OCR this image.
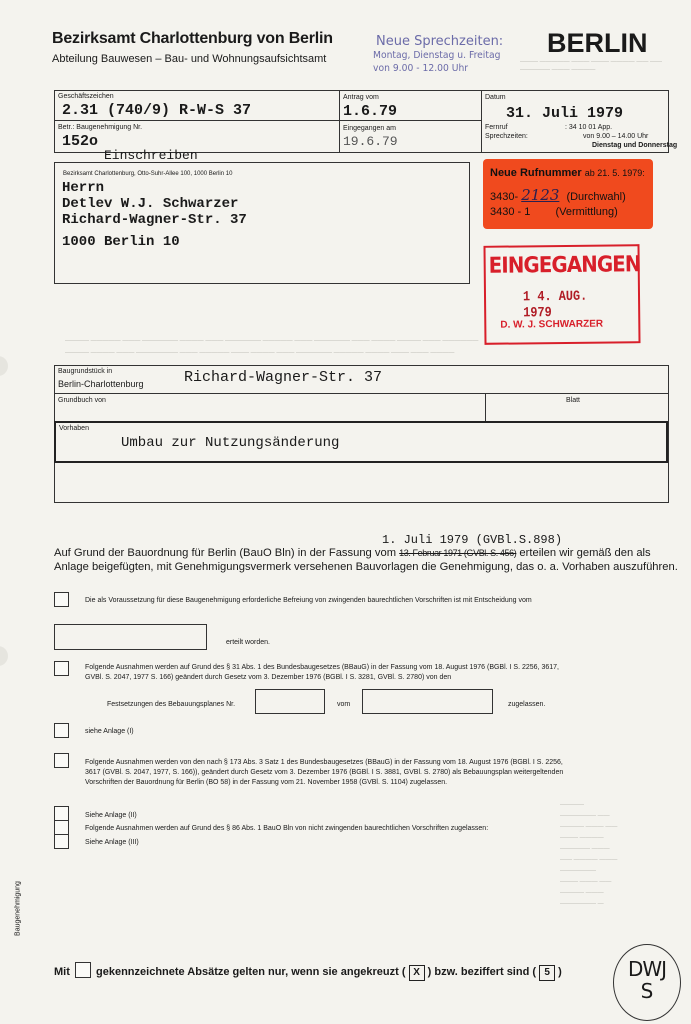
Bezirksamt Charlottenburg von Berlin
Abteilung Bauwesen – Bau- und Wohnungsaufsichtsamt
Neue Sprechzeiten:
Montag, Dienstag u. Freitag
von 9.00 - 12.00 Uhr
BERLIN
——— ————— ——— ——— ———— —— —— ————— ——— ————
Geschäftszeichen
2.31 (740/9) R-W-S 37
Betr.: Baugenehmigung Nr.
152o
Antrag vom
1.6.79
Eingegangen am
19.6.79
Datum
31. Juli 1979
Fernruf	: 34 10 01 App.
Sprechzeiten:	von 9.00 – 14.00 Uhr
Dienstag und Donnerstag
Einschreiben
Bezirksamt Charlottenburg, Otto-Suhr-Allee 100, 1000 Berlin 10
Herrn
Detlev W.J. Schwarzer
Richard-Wagner-Str. 37
1000 Berlin 10
Neue Rufnummer ab 21. 5. 1979:
3430- 2123 (Durchwahl)
3430 - 1 (Vermittlung)
EINGEGANGEN
1 4. AUG. 1979
D. W. J. SCHWARZER
———— ————— ——— —————— ———— ——— —————— ————— ——— —————— ——— ———— ———— ——— ——————
———— ———— ——— ——————— ——— ————— ——— ———— ——— —————— ————— ———— ——— ——— ————
Baugrundstück in
Berlin-Charlottenburg	Richard-Wagner-Str. 37
Grundbuch von	Blatt
Vorhaben
Umbau zur Nutzungsänderung
1. Juli 1979 (GVBl.S.898)
Auf Grund der Bauordnung für Berlin (BauO Bln) in der Fassung vom 13. Februar 1971 (GVBl. S. 456) erteilen wir gemäß den als
Anlage beigefügten, mit Genehmigungsvermerk versehenen Bauvorlagen die Genehmigung, das o. a. Vorhaben auszuführen.
Die als Voraussetzung für diese Baugenehmigung erforderliche Befreiung von zwingenden baurechtlichen Vorschriften ist mit Entscheidung vom
erteilt worden.
Folgende Ausnahmen werden auf Grund des § 31 Abs. 1 des Bundesbaugesetzes (BBauG) in der Fassung vom 18. August 1976 (BGBl. I S. 2256, 3617,
GVBl. S. 2047, 1977 S. 166) geändert durch Gesetz vom 3. Dezember 1976 (BGBl. I S. 3281, GVBl. S. 2780) von den
Festsetzungen des Bebauungsplanes Nr.	vom	zugelassen.
siehe Anlage (I)
Folgende Ausnahmen werden von den nach § 173 Abs. 3 Satz 1 des Bundesbaugesetzes (BBauG) in der Fassung vom 18. August 1976 (BGBl. I S. 2256,
3617 (GVBl. S. 2047, 1977, S. 166)), geändert durch Gesetz vom 3. Dezember 1976 (BGBl. I S. 3881, GVBl. S. 2780) als Bebauungsplan weitergeltenden
Vorschriften der Bauordnung für Berlin (BO 58) in der Fassung vom 21. November 1958 (GVBl. S. 1104) zugelassen.
————
—————— ——
———— ——— ——
——— ————
————— ———
—— ———— ———
——————
——— ——— ——
———— ———
—————— —
Siehe Anlage (II)
Folgende Ausnahmen werden auf Grund des § 86 Abs. 1 BauO Bln von nicht zwingenden baurechtlichen Vorschriften zugelassen:
Siehe Anlage (III)
Baugenehmigung
Mit gekennzeichnete Absätze gelten nur, wenn sie angekreuzt ( X ) bzw. beziffert sind ( 5 )	DWJ
S
